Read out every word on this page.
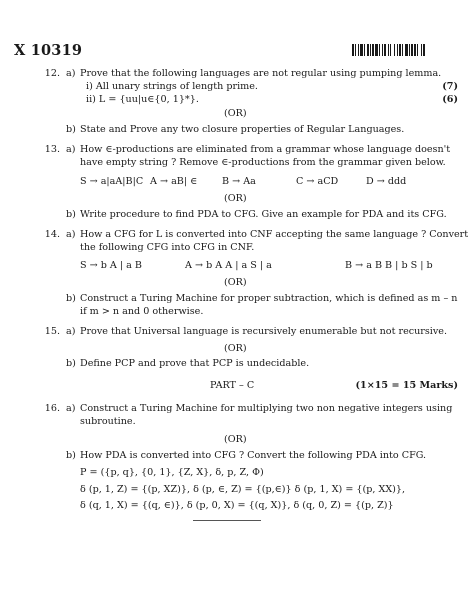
X 10319
12. a) Prove that the following languages are not regular using pumping lemma.
i) All unary strings of length prime.	(7)
ii) L = {uu|u∈{0, 1}*}.	(6)
(OR)
b) State and Prove any two closure properties of Regular Languages.
13. a) How ∈-productions are eliminated from a grammar whose language doesn't
have empty string ? Remove ∈-productions from the grammar given below.
S → a|aA|B|C A → aB| ∈	B → Aa	C → aCD	D → ddd
(OR)
b) Write procedure to find PDA to CFG. Give an example for PDA and its CFG.
14. a) How a CFG for L is converted into CNF accepting the same language ? Convert
the following CFG into CFG in CNF.
S → b A | a B	A → b A A | a S | a	B → a B B | b S | b
(OR)
b) Construct a Turing Machine for proper subtraction, which is defined as m – n
if m > n and 0 otherwise.
15. a) Prove that Universal language is recursively enumerable but not recursive.
(OR)
b) Define PCP and prove that PCP is undecidable.
PART – C	(1×15 = 15 Marks)
16. a) Construct a Turing Machine for multiplying two non negative integers using
subroutine.
(OR)
b) How PDA is converted into CFG ? Convert the following PDA into CFG.
P = ({p, q}, {0, 1}, {Z, X}, δ, p, Z, Φ)
δ (p, 1, Z) = {(p, XZ)}, δ (p, ∈, Z) = {(p,∈)} δ (p, 1, X) = {(p, XX)},
δ (q, 1, X) = {(q, ∈)}, δ (p, 0, X) = {(q, X)}, δ (q, 0, Z) = {(p, Z)}
